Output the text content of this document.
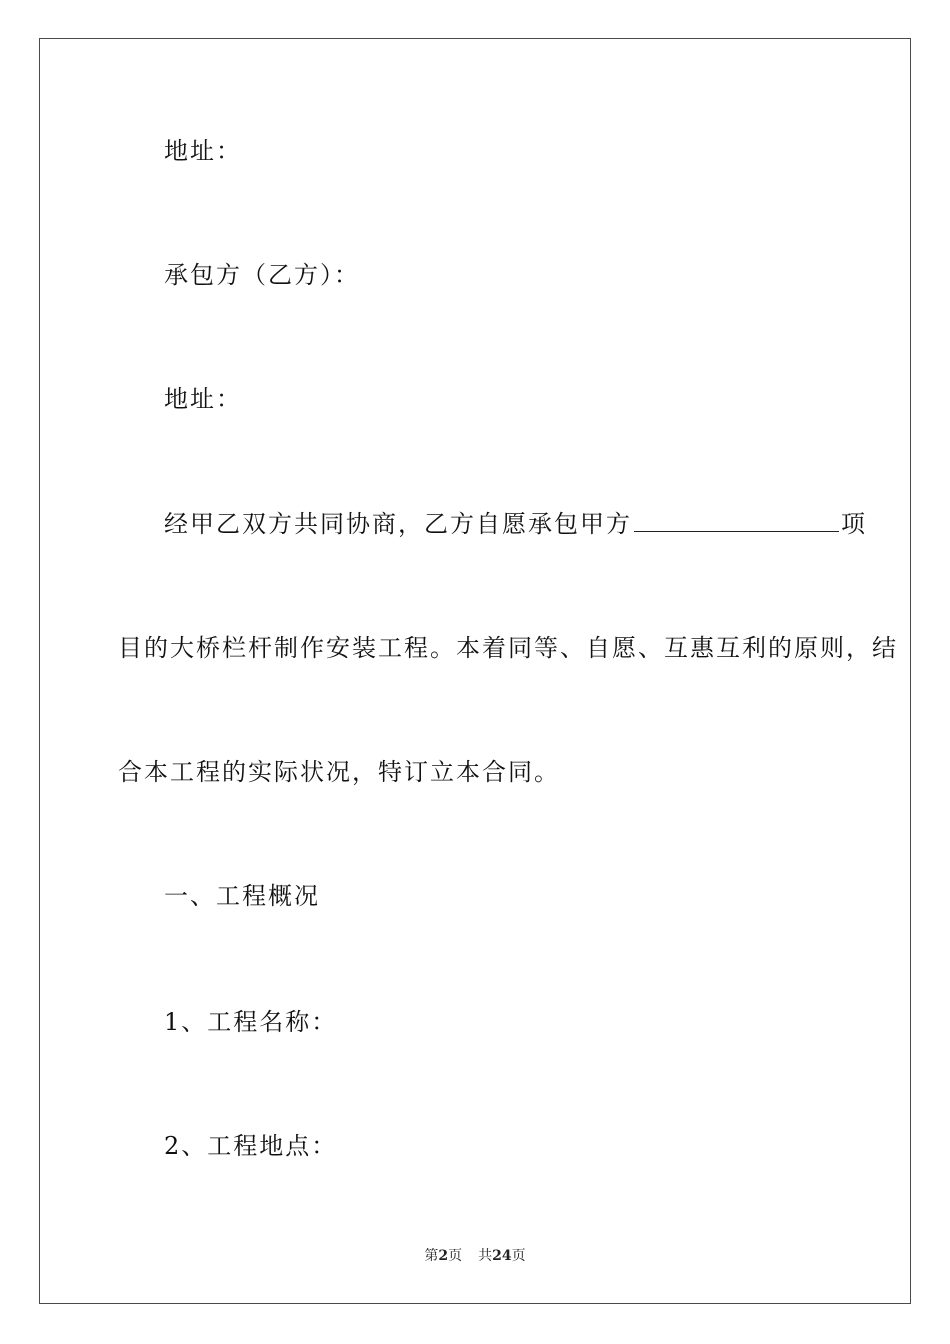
地址：
承包方（乙方）：
地址：
经甲乙双方共同协商，乙方自愿承包甲方	项
目的大桥栏杆制作安装工程。本着同等、自愿、互惠互利的原则，结
合本工程的实际状况，特订立本合同。
一、工程概况
1、工程名称：
2、工程地点：
第2页 共24页
